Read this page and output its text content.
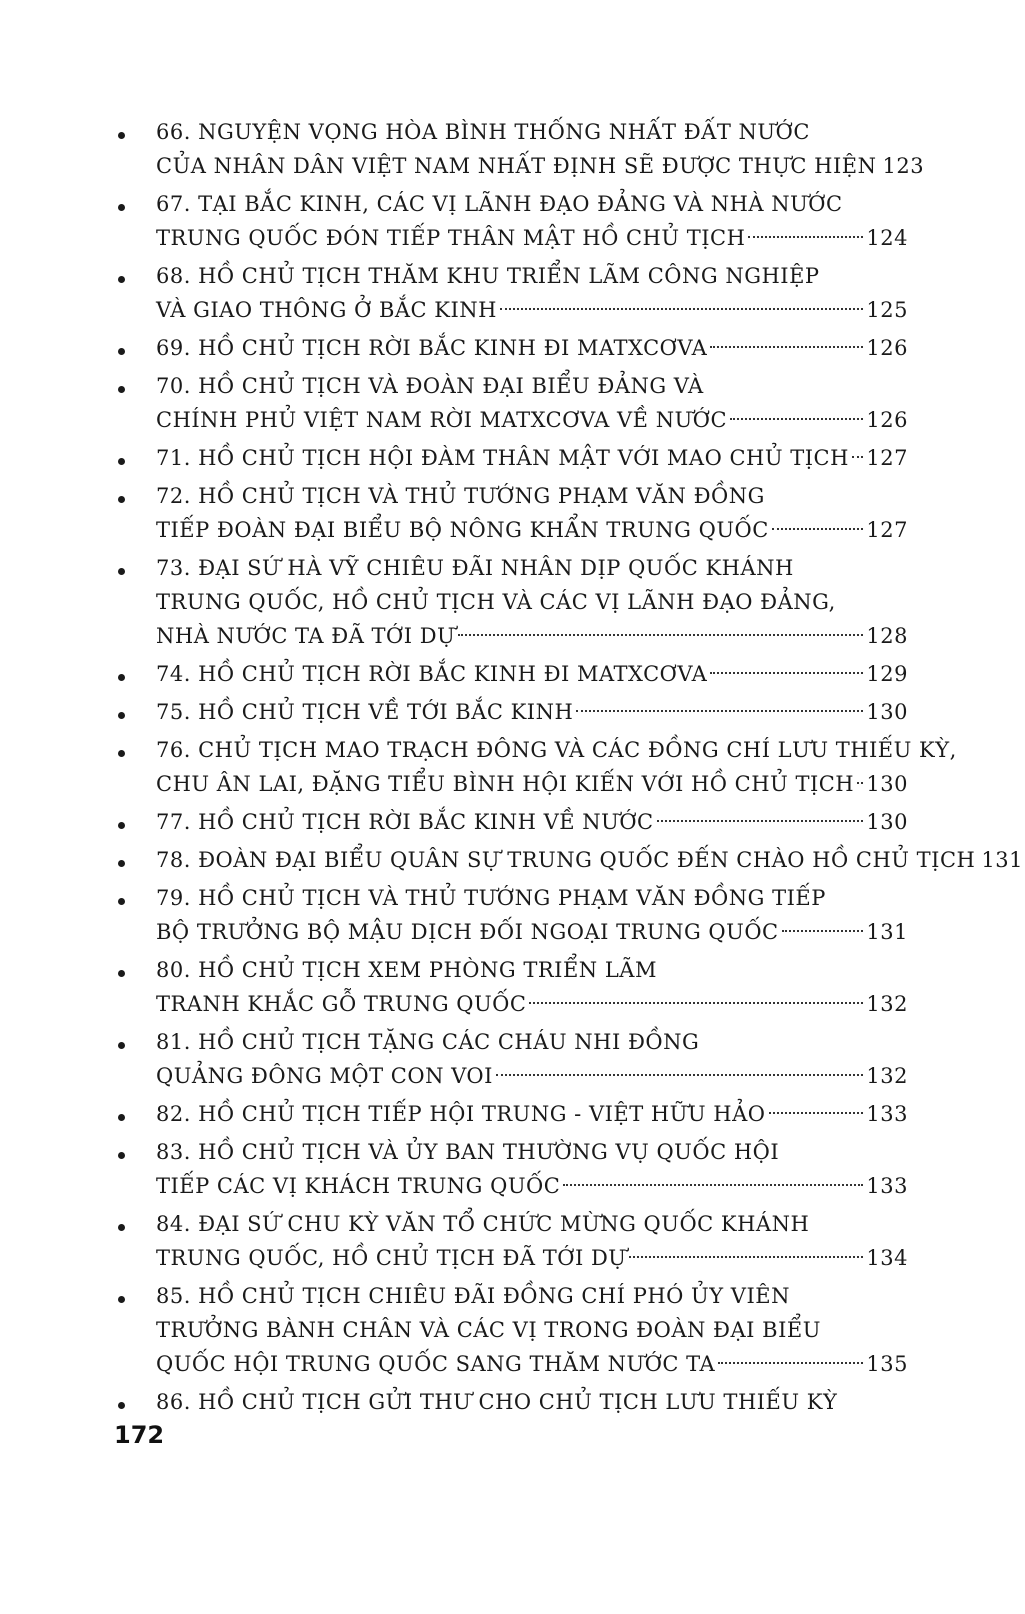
66. NGUYỆN VỌNG HÒA BÌNH THỐNG NHẤT ĐẤT NƯỚC
CỦA NHÂN DÂN VIỆT NAM NHẤT ĐỊNH SẼ ĐƯỢC THỰC HIỆN 123
67. TẠI BẮC KINH, CÁC VỊ LÃNH ĐẠO ĐẢNG VÀ NHÀ NƯỚC
TRUNG QUỐC ĐÓN TIẾP THÂN MẬT HỒ CHỦ TỊCH	124
68. HỒ CHỦ TỊCH THĂM KHU TRIỂN LÃM CÔNG NGHIỆP
VÀ GIAO THÔNG Ở BẮC KINH	125
69. HỒ CHỦ TỊCH RỜI BẮC KINH ĐI MATXCƠVA	126
70. HỒ CHỦ TỊCH VÀ ĐOÀN ĐẠI BIỂU ĐẢNG VÀ
CHÍNH PHỦ VIỆT NAM RỜI MATXCƠVA VỀ NƯỚC	126
71. HỒ CHỦ TỊCH HỘI ĐÀM THÂN MẬT VỚI MAO CHỦ TỊCH 127
72. HỒ CHỦ TỊCH VÀ THỦ TƯỚNG PHẠM VĂN ĐỒNG
TIẾP ĐOÀN ĐẠI BIỂU BỘ NÔNG KHẨN TRUNG QUỐC	127
73. ĐẠI SỨ HÀ VỸ CHIÊU ĐÃI NHÂN DỊP QUỐC KHÁNH
TRUNG QUỐC, HỒ CHỦ TỊCH VÀ CÁC VỊ LÃNH ĐẠO ĐẢNG,
NHÀ NƯỚC TA ĐÃ TỚI DỰ	128
74. HỒ CHỦ TỊCH RỜI BẮC KINH ĐI MATXCƠVA	129
75. HỒ CHỦ TỊCH VỀ TỚI BẮC KINH	130
76. CHỦ TỊCH MAO TRẠCH ĐÔNG VÀ CÁC ĐỒNG CHÍ LƯU THIẾU KỲ,
CHU ÂN LAI, ĐẶNG TIỂU BÌNH HỘI KIẾN VỚI HỒ CHỦ TỊCH 130
77. HỒ CHỦ TỊCH RỜI BẮC KINH VỀ NƯỚC	130
78. ĐOÀN ĐẠI BIỂU QUÂN SỰ TRUNG QUỐC ĐẾN CHÀO HỒ CHỦ TỊCH 131
79. HỒ CHỦ TỊCH VÀ THỦ TƯỚNG PHẠM VĂN ĐỒNG TIẾP
BỘ TRƯỞNG BỘ MẬU DỊCH ĐỐI NGOẠI TRUNG QUỐC	131
80. HỒ CHỦ TỊCH XEM PHÒNG TRIỂN LÃM
TRANH KHẮC GỖ TRUNG QUỐC	132
81. HỒ CHỦ TỊCH TẶNG CÁC CHÁU NHI ĐỒNG
QUẢNG ĐÔNG MỘT CON VOI	132
82. HỒ CHỦ TỊCH TIẾP HỘI TRUNG - VIỆT HỮU HẢO	133
83. HỒ CHỦ TỊCH VÀ ỦY BAN THƯỜNG VỤ QUỐC HỘI
TIẾP CÁC VỊ KHÁCH TRUNG QUỐC	133
84. ĐẠI SỨ CHU KỲ VĂN TỔ CHỨC MỪNG QUỐC KHÁNH
TRUNG QUỐC, HỒ CHỦ TỊCH ĐÃ TỚI DỰ	134
85. HỒ CHỦ TỊCH CHIÊU ĐÃI ĐỒNG CHÍ PHÓ ỦY VIÊN
TRƯỞNG BÀNH CHÂN VÀ CÁC VỊ TRONG ĐOÀN ĐẠI BIỂU
QUỐC HỘI TRUNG QUỐC SANG THĂM NƯỚC TA	135
86. HỒ CHỦ TỊCH GỬI THƯ CHO CHỦ TỊCH LƯU THIẾU KỲ
172
